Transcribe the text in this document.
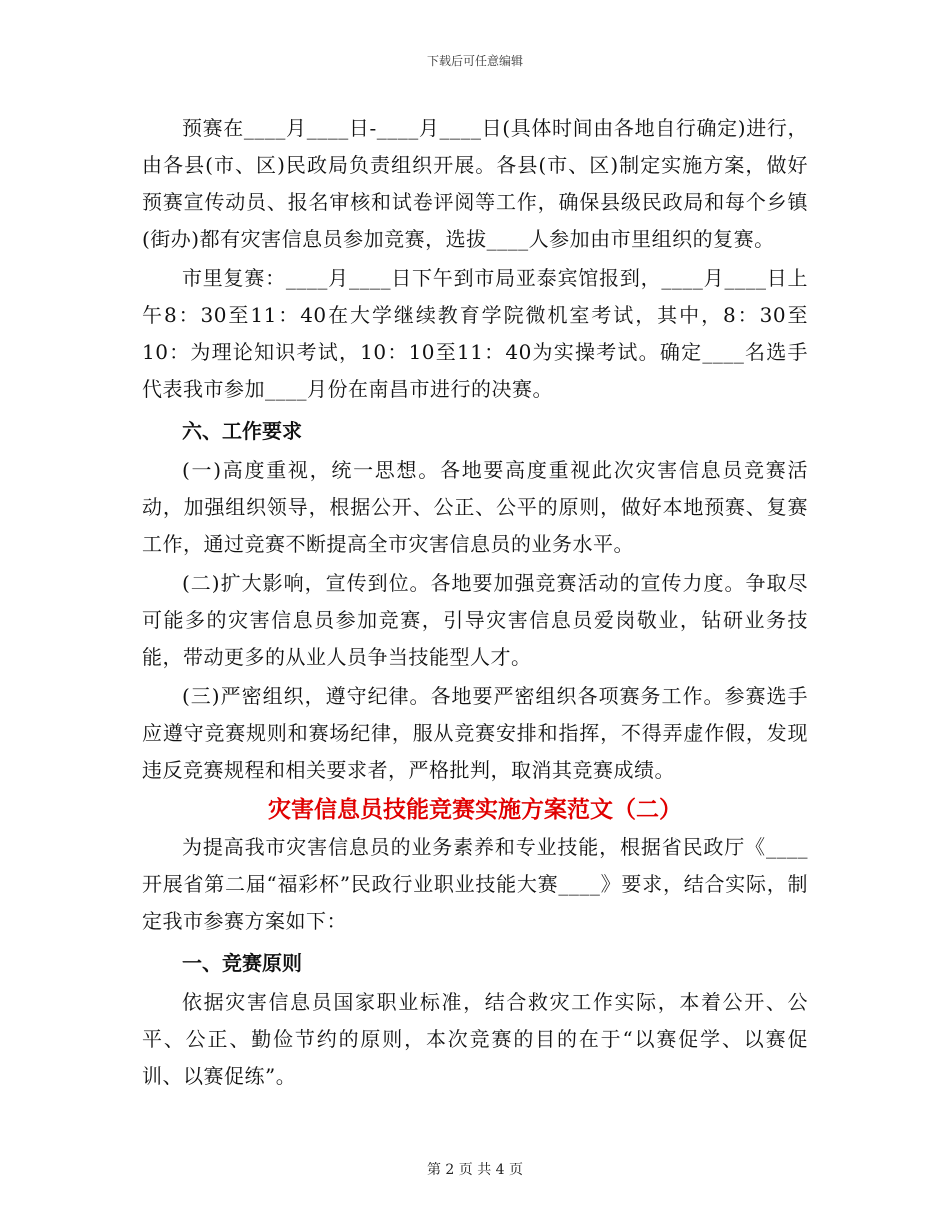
下载后可任意编辑

预赛在____月____日-____月____日(具体时间由各地自行确定)进行，由各县(市、区)民政局负责组织开展。各县(市、区)制定实施方案，做好预赛宣传动员、报名审核和试卷评阅等工作，确保县级民政局和每个乡镇(街办)都有灾害信息员参加竞赛，选拔____人参加由市里组织的复赛。

市里复赛：____月____日下午到市局亚泰宾馆报到，____月____日上午8：30至11：40在大学继续教育学院微机室考试，其中，8：30至10：为理论知识考试，10：10至11：40为实操考试。确定____名选手代表我市参加____月份在南昌市进行的决赛。

六、工作要求

(一)高度重视，统一思想。各地要高度重视此次灾害信息员竞赛活动，加强组织领导，根据公开、公正、公平的原则，做好本地预赛、复赛工作，通过竞赛不断提高全市灾害信息员的业务水平。

(二)扩大影响，宣传到位。各地要加强竞赛活动的宣传力度。争取尽可能多的灾害信息员参加竞赛，引导灾害信息员爱岗敬业，钻研业务技能，带动更多的从业人员争当技能型人才。

(三)严密组织，遵守纪律。各地要严密组织各项赛务工作。参赛选手应遵守竞赛规则和赛场纪律，服从竞赛安排和指挥，不得弄虚作假，发现违反竞赛规程和相关要求者，严格批判，取消其竞赛成绩。

灾害信息员技能竞赛实施方案范文（二）

为提高我市灾害信息员的业务素养和专业技能，根据省民政厅《____开展省第二届“福彩杯”民政行业职业技能大赛____》要求，结合实际，制定我市参赛方案如下：

一、竞赛原则

依据灾害信息员国家职业标准，结合救灾工作实际，本着公开、公平、公正、勤俭节约的原则，本次竞赛的目的在于“以赛促学、以赛促训、以赛促练”。

第 2 页 共 4 页
